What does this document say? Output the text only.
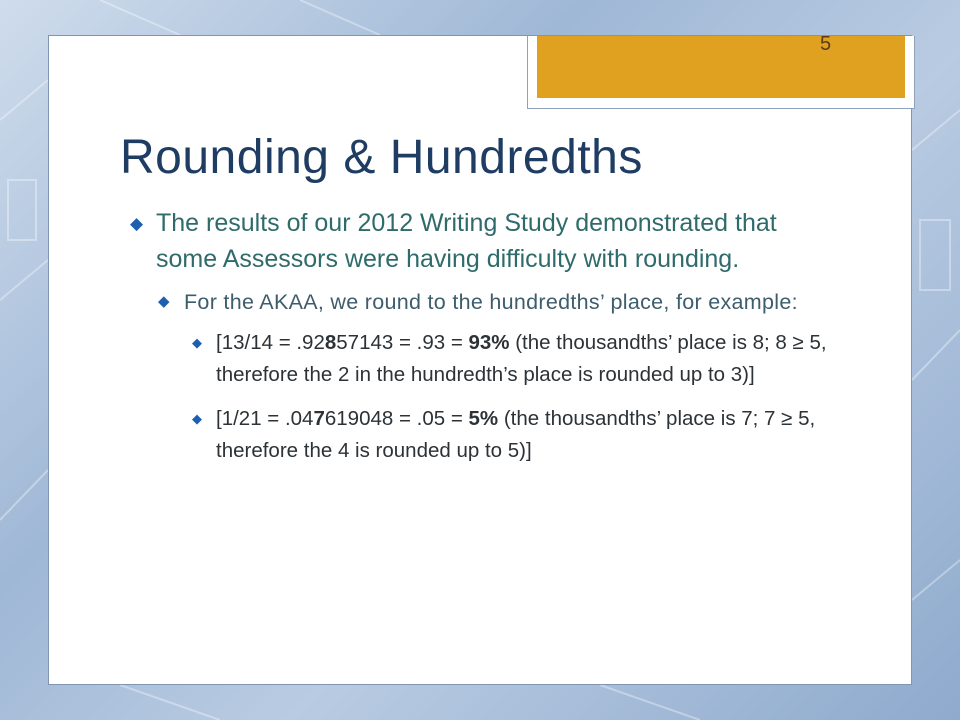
5
Rounding & Hundredths
◆ The results of our 2012 Writing Study demonstrated that some Assessors were having difficulty with rounding.
◆ For the AKAA, we round to the hundredths’ place, for example:
◆ [13/14 = .92857143 = .93 = 93% (the thousandths’ place is 8; 8 ≥ 5, therefore the 2 in the hundredth’s place is rounded up to 3)]
◆ [1/21 = .047619048 = .05 = 5% (the thousandths’ place is 7; 7 ≥ 5, therefore the 4 is rounded up to 5)]
